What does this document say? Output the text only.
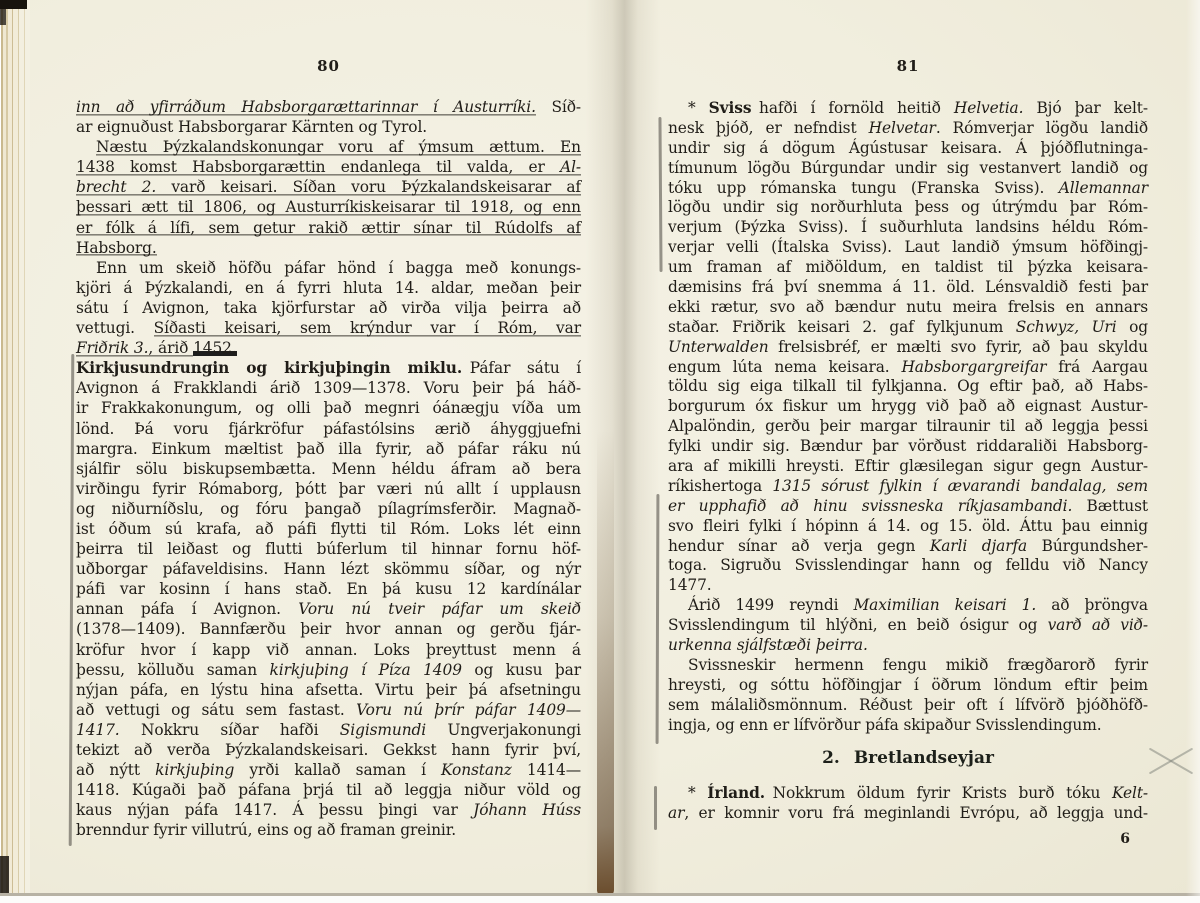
80
inn að yfirráðum Habsborgarættarinnar í Austurríki. Síð-
ar eignuðust Habsborgarar Kärnten og Tyrol.
Næstu Þýzkalandskonungar voru af ýmsum ættum. En
1438 komst Habsborgarættin endanlega til valda, er Al-
brecht 2. varð keisari. Síðan voru Þýzkalandskeisarar af
þessari ætt til 1806, og Austurríkiskeisarar til 1918, og enn
er fólk á lífi, sem getur rakið ættir sínar til Rúdolfs af
Habsborg.
Enn um skeið höfðu páfar hönd í bagga með konungs-
kjöri á Þýzkalandi, en á fyrri hluta 14. aldar, meðan þeir
sátu í Avignon, taka kjörfurstar að virða vilja þeirra að
vettugi. Síðasti keisari, sem krýndur var í Róm, var
Friðrik 3., árið 1452.
Kirkjusundrungin og kirkjuþingin miklu. Páfar sátu í
Avignon á Frakklandi árið 1309—1378. Voru þeir þá háð-
ir Frakkakonungum, og olli það megnri óánægju víða um
lönd. Þá voru fjárkröfur páfastólsins ærið áhyggjuefni
margra. Einkum mæltist það illa fyrir, að páfar ráku nú
sjálfir sölu biskupsembætta. Menn héldu áfram að bera
virðingu fyrir Rómaborg, þótt þar væri nú allt í upplausn
og niðurníðslu, og fóru þangað pílagrímsferðir. Magnað-
ist óðum sú krafa, að páfi flytti til Róm. Loks lét einn
þeirra til leiðast og flutti búferlum til hinnar fornu höf-
uðborgar páfaveldisins. Hann lézt skömmu síðar, og nýr
páfi var kosinn í hans stað. En þá kusu 12 kardínálar
annan páfa í Avignon. Voru nú tveir páfar um skeið
(1378—1409). Bannfærðu þeir hvor annan og gerðu fjár-
kröfur hvor í kapp við annan. Loks þreyttust menn á
þessu, kölluðu saman kirkjuþing í Píza 1409 og kusu þar
nýjan páfa, en lýstu hina afsetta. Virtu þeir þá afsetningu
að vettugi og sátu sem fastast. Voru nú þrír páfar 1409—
1417. Nokkru síðar hafði Sigismundi Ungverjakonungi
tekizt að verða Þýzkalandskeisari. Gekkst hann fyrir því,
að nýtt kirkjuþing yrði kallað saman í Konstanz 1414—
1418. Kúgaði það páfana þrjá til að leggja niður völd og
kaus nýjan páfa 1417. Á þessu þingi var Jóhann Húss
brenndur fyrir villutrú, eins og að framan greinir.
81
* Sviss hafði í fornöld heitið Helvetia. Bjó þar kelt-
nesk þjóð, er nefndist Helvetar. Rómverjar lögðu landið
undir sig á dögum Ágústusar keisara. Á þjóðflutninga-
tímunum lögðu Búrgundar undir sig vestanvert landið og
tóku upp rómanska tungu (Franska Sviss). Allemannar
lögðu undir sig norðurhluta þess og útrýmdu þar Róm-
verjum (Þýzka Sviss). Í suðurhluta landsins héldu Róm-
verjar velli (Ítalska Sviss). Laut landið ýmsum höfðingj-
um framan af miðöldum, en taldist til þýzka keisara-
dæmisins frá því snemma á 11. öld. Lénsvaldið festi þar
ekki rætur, svo að bændur nutu meira frelsis en annars
staðar. Friðrik keisari 2. gaf fylkjunum Schwyz, Uri og
Unterwalden frelsisbréf, er mælti svo fyrir, að þau skyldu
engum lúta nema keisara. Habsborgargreifar frá Aargau
töldu sig eiga tilkall til fylkjanna. Og eftir það, að Habs-
borgurum óx fiskur um hrygg við það að eignast Austur-
Alpalöndin, gerðu þeir margar tilraunir til að leggja þessi
fylki undir sig. Bændur þar vörðust riddaraliði Habsborg-
ara af mikilli hreysti. Eftir glæsilegan sigur gegn Austur-
ríkishertoga 1315 sórust fylkin í ævarandi bandalag, sem
er upphafið að hinu svissneska ríkjasambandi. Bættust
svo fleiri fylki í hópinn á 14. og 15. öld. Áttu þau einnig
hendur sínar að verja gegn Karli djarfa Búrgundsher-
toga. Sigruðu Svisslendingar hann og felldu við Nancy
1477.
Árið 1499 reyndi Maximilian keisari 1. að þröngva
Svisslendingum til hlýðni, en beið ósigur og varð að við-
urkenna sjálfstæði þeirra.
Svissneskir hermenn fengu mikið frægðarorð fyrir
hreysti, og sóttu höfðingjar í öðrum löndum eftir þeim
sem málaliðsmönnum. Réðust þeir oft í lífvörð þjóðhöfð-
ingja, og enn er lífvörður páfa skipaður Svisslendingum.
2. Bretlandseyjar
* Írland. Nokkrum öldum fyrir Krists burð tóku Kelt-
ar, er komnir voru frá meginlandi Evrópu, að leggja und-
6
